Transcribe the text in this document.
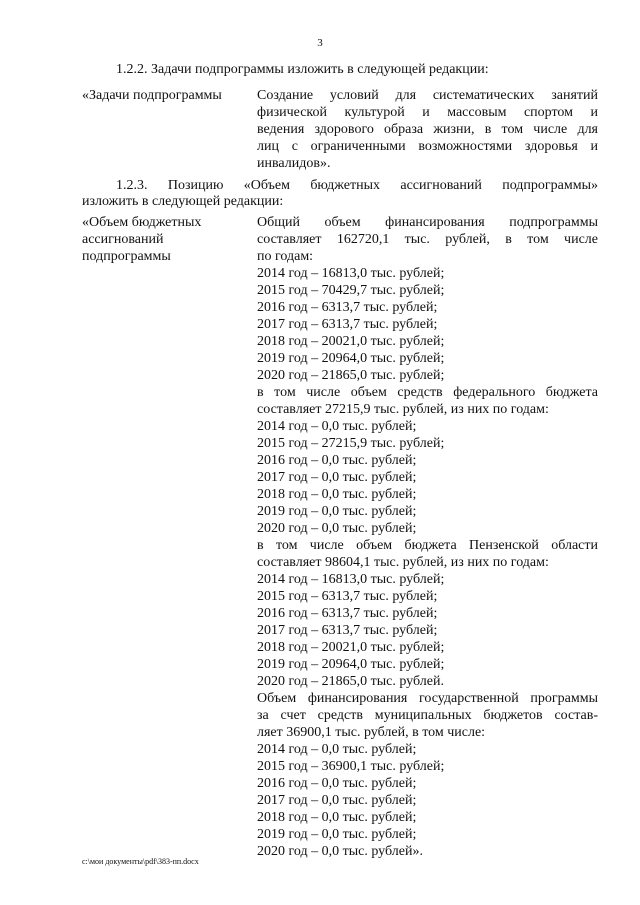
3

1.2.2. Задачи подпрограммы изложить в следующей редакции:

«Задачи подпрограммы	Создание условий для систематических занятий
физической культурой и массовым спортом и
ведения здорового образа жизни, в том числе для
лиц с ограниченными возможностями здоровья и
инвалидов».
1.2.3. Позицию «Объем бюджетных ассигнований подпрограммы»
изложить в следующей редакции:
«Объем бюджетных
ассигнований
подпрограммы
Общий объем финансирования подпрограммы
составляет 162720,1 тыс. рублей, в том числе
по годам:
2014 год – 16813,0 тыс. рублей;
2015 год – 70429,7 тыс. рублей;
2016 год – 6313,7 тыс. рублей;
2017 год – 6313,7 тыс. рублей;
2018 год – 20021,0 тыс. рублей;
2019 год – 20964,0 тыс. рублей;
2020 год – 21865,0 тыс. рублей;
в том числе объем средств федерального бюджета
составляет 27215,9 тыс. рублей, из них по годам:
2014 год – 0,0 тыс. рублей;
2015 год – 27215,9 тыс. рублей;
2016 год – 0,0 тыс. рублей;
2017 год – 0,0 тыс. рублей;
2018 год – 0,0 тыс. рублей;
2019 год – 0,0 тыс. рублей;
2020 год – 0,0 тыс. рублей;
в том числе объем бюджета Пензенской области
составляет 98604,1 тыс. рублей, из них по годам:
2014 год – 16813,0 тыс. рублей;
2015 год – 6313,7 тыс. рублей;
2016 год – 6313,7 тыс. рублей;
2017 год – 6313,7 тыс. рублей;
2018 год – 20021,0 тыс. рублей;
2019 год – 20964,0 тыс. рублей;
2020 год – 21865,0 тыс. рублей.
Объем финансирования государственной программы
за счет средств муниципальных бюджетов состав-
ляет 36900,1 тыс. рублей, в том числе:
2014 год – 0,0 тыс. рублей;
2015 год – 36900,1 тыс. рублей;
2016 год – 0,0 тыс. рублей;
2017 год – 0,0 тыс. рублей;
2018 год – 0,0 тыс. рублей;
2019 год – 0,0 тыс. рублей;
2020 год – 0,0 тыс. рублей».
c:\мои документы\pdf\383-пп.docx
